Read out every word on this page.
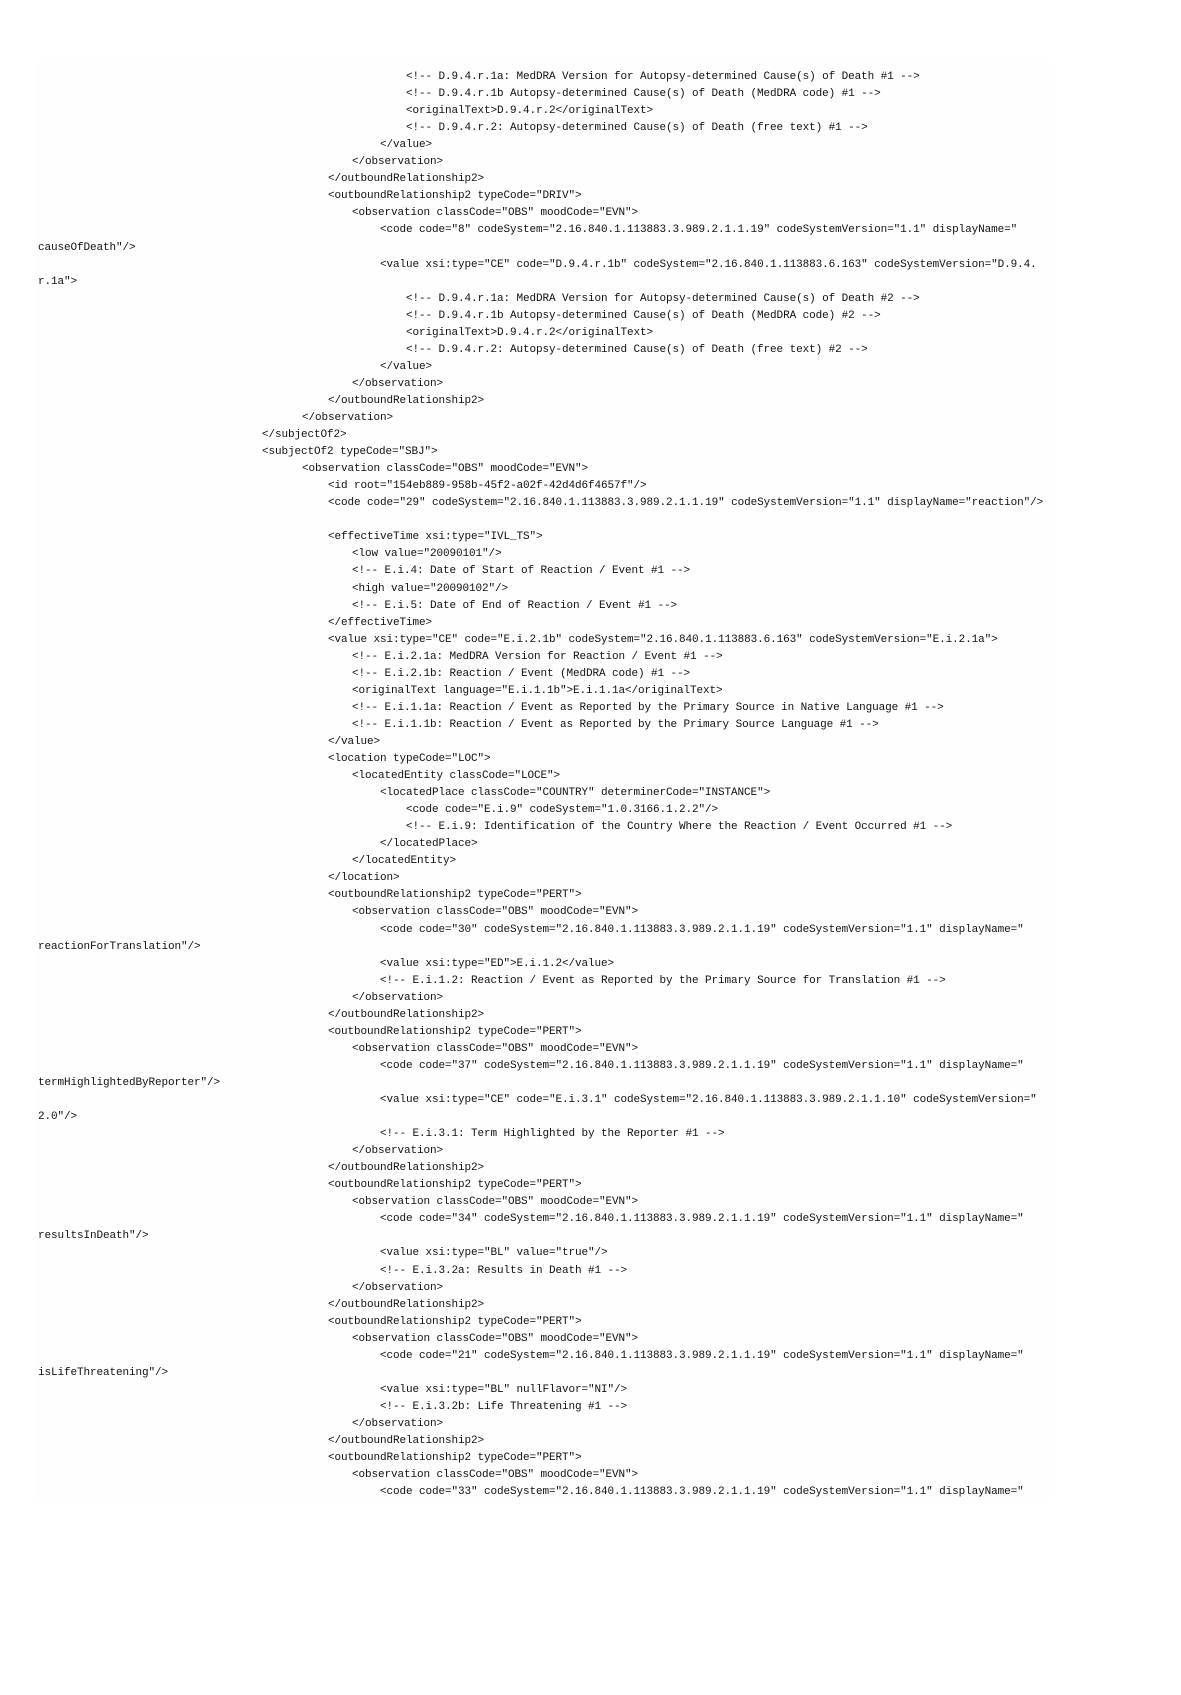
<!-- D.9.4.r.1a: MedDRA Version for Autopsy-determined Cause(s) of Death #1 -->
<!-- D.9.4.r.1b Autopsy-determined Cause(s) of Death (MedDRA code) #1 -->
<originalText>D.9.4.r.2</originalText>
<!-- D.9.4.r.2: Autopsy-determined Cause(s) of Death (free text) #1 -->
</value>
</observation>
</outboundRelationship2>
<outboundRelationship2 typeCode="DRIV">
<observation classCode="OBS" moodCode="EVN">
<code code="8" codeSystem="2.16.840.1.113883.3.989.2.1.1.19" codeSystemVersion="1.1" displayName="
causeOfDeath"/>
<value xsi:type="CE" code="D.9.4.r.1b" codeSystem="2.16.840.1.113883.6.163" codeSystemVersion="D.9.4.
r.1a">
<!-- D.9.4.r.1a: MedDRA Version for Autopsy-determined Cause(s) of Death #2 -->
<!-- D.9.4.r.1b Autopsy-determined Cause(s) of Death (MedDRA code) #2 -->
<originalText>D.9.4.r.2</originalText>
<!-- D.9.4.r.2: Autopsy-determined Cause(s) of Death (free text) #2 -->
</value>
</observation>
</outboundRelationship2>
</observation>
</subjectOf2>
<subjectOf2 typeCode="SBJ">
<observation classCode="OBS" moodCode="EVN">
<id root="154eb889-958b-45f2-a02f-42d4d6f4657f"/>
<code code="29" codeSystem="2.16.840.1.113883.3.989.2.1.1.19" codeSystemVersion="1.1" displayName="reaction"/>
<effectiveTime xsi:type="IVL_TS">
<low value="20090101"/>
<!-- E.i.4: Date of Start of Reaction / Event #1 -->
<high value="20090102"/>
<!-- E.i.5: Date of End of Reaction / Event #1 -->
</effectiveTime>
<value xsi:type="CE" code="E.i.2.1b" codeSystem="2.16.840.1.113883.6.163" codeSystemVersion="E.i.2.1a">
<!-- E.i.2.1a: MedDRA Version for Reaction / Event #1 -->
<!-- E.i.2.1b: Reaction / Event (MedDRA code) #1 -->
<originalText language="E.i.1.1b">E.i.1.1a</originalText>
<!-- E.i.1.1a: Reaction / Event as Reported by the Primary Source in Native Language #1 -->
<!-- E.i.1.1b: Reaction / Event as Reported by the Primary Source Language #1 -->
</value>
<location typeCode="LOC">
<locatedEntity classCode="LOCE">
<locatedPlace classCode="COUNTRY" determinerCode="INSTANCE">
<code code="E.i.9" codeSystem="1.0.3166.1.2.2"/>
<!-- E.i.9: Identification of the Country Where the Reaction / Event Occurred #1 -->
</locatedPlace>
</locatedEntity>
</location>
<outboundRelationship2 typeCode="PERT">
<observation classCode="OBS" moodCode="EVN">
<code code="30" codeSystem="2.16.840.1.113883.3.989.2.1.1.19" codeSystemVersion="1.1" displayName="
reactionForTranslation"/>
<value xsi:type="ED">E.i.1.2</value>
<!-- E.i.1.2: Reaction / Event as Reported by the Primary Source for Translation #1 -->
</observation>
</outboundRelationship2>
<outboundRelationship2 typeCode="PERT">
<observation classCode="OBS" moodCode="EVN">
<code code="37" codeSystem="2.16.840.1.113883.3.989.2.1.1.19" codeSystemVersion="1.1" displayName="
termHighlightedByReporter"/>
<value xsi:type="CE" code="E.i.3.1" codeSystem="2.16.840.1.113883.3.989.2.1.1.10" codeSystemVersion="
2.0"/>
<!-- E.i.3.1: Term Highlighted by the Reporter #1 -->
</observation>
</outboundRelationship2>
<outboundRelationship2 typeCode="PERT">
<observation classCode="OBS" moodCode="EVN">
<code code="34" codeSystem="2.16.840.1.113883.3.989.2.1.1.19" codeSystemVersion="1.1" displayName="
resultsInDeath"/>
<value xsi:type="BL" value="true"/>
<!-- E.i.3.2a: Results in Death #1 -->
</observation>
</outboundRelationship2>
<outboundRelationship2 typeCode="PERT">
<observation classCode="OBS" moodCode="EVN">
<code code="21" codeSystem="2.16.840.1.113883.3.989.2.1.1.19" codeSystemVersion="1.1" displayName="
isLifeThreatening"/>
<value xsi:type="BL" nullFlavor="NI"/>
<!-- E.i.3.2b: Life Threatening #1 -->
</observation>
</outboundRelationship2>
<outboundRelationship2 typeCode="PERT">
<observation classCode="OBS" moodCode="EVN">
<code code="33" codeSystem="2.16.840.1.113883.3.989.2.1.1.19" codeSystemVersion="1.1" displayName="
